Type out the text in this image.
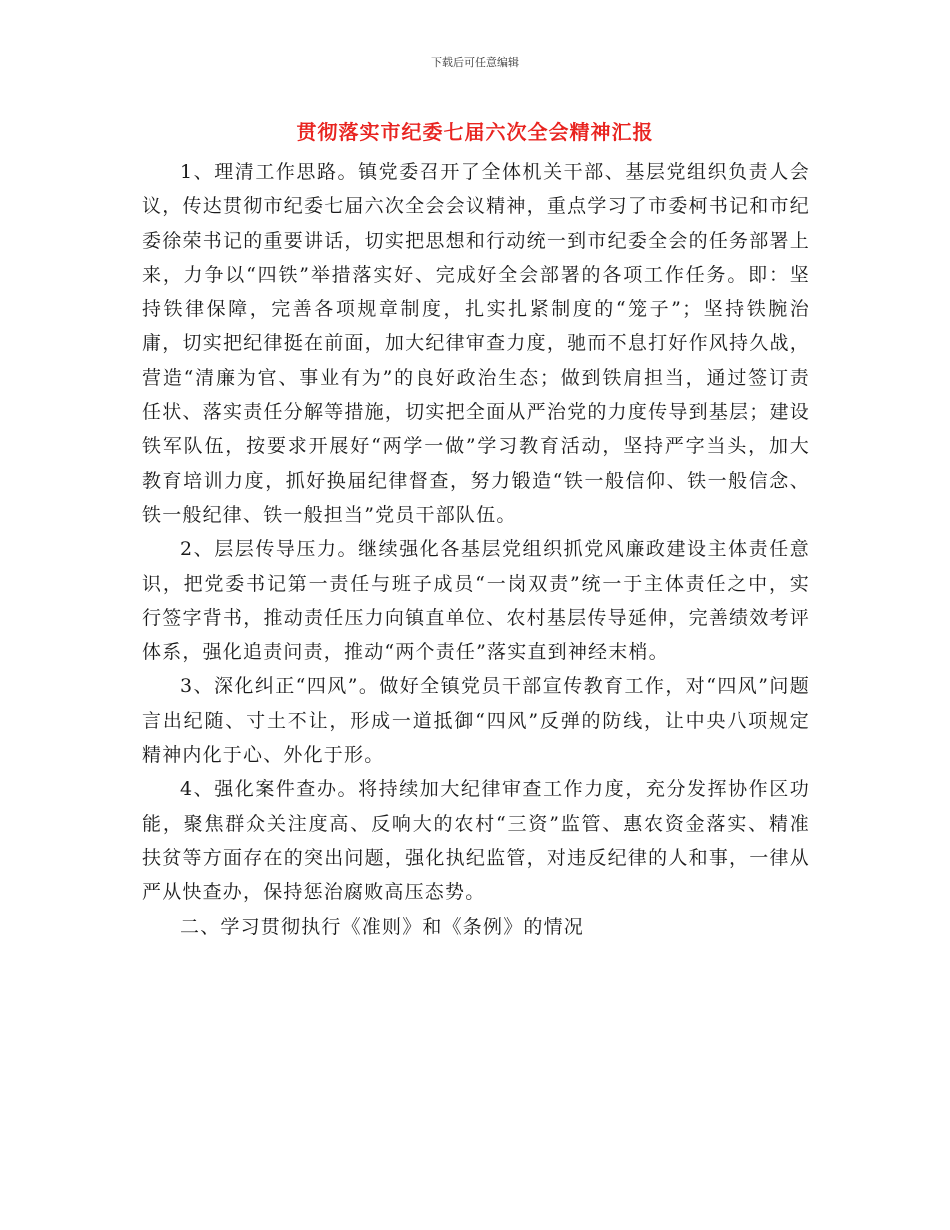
下载后可任意编辑
贯彻落实市纪委七届六次全会精神汇报

1、理清工作思路。镇党委召开了全体机关干部、基层党组织负责人会议，传达贯彻市纪委七届六次全会会议精神，重点学习了市委柯书记和市纪委徐荣书记的重要讲话，切实把思想和行动统一到市纪委全会的任务部署上来，力争以“四铁”举措落实好、完成好全会部署的各项工作任务。即：坚持铁律保障，完善各项规章制度，扎实扎紧制度的“笼子”；坚持铁腕治庸，切实把纪律挺在前面，加大纪律审查力度，驰而不息打好作风持久战，营造“清廉为官、事业有为”的良好政治生态；做到铁肩担当，通过签订责任状、落实责任分解等措施，切实把全面从严治党的力度传导到基层；建设铁军队伍，按要求开展好“两学一做”学习教育活动，坚持严字当头，加大教育培训力度，抓好换届纪律督查，努力锻造“铁一般信仰、铁一般信念、铁一般纪律、铁一般担当”党员干部队伍。

2、层层传导压力。继续强化各基层党组织抓党风廉政建设主体责任意识，把党委书记第一责任与班子成员“一岗双责”统一于主体责任之中，实行签字背书，推动责任压力向镇直单位、农村基层传导延伸，完善绩效考评体系，强化追责问责，推动“两个责任”落实直到神经末梢。

3、深化纠正“四风”。做好全镇党员干部宣传教育工作，对“四风”问题言出纪随、寸土不让，形成一道抵御“四风”反弹的防线，让中央八项规定精神内化于心、外化于形。

4、强化案件查办。将持续加大纪律审查工作力度，充分发挥协作区功能，聚焦群众关注度高、反响大的农村“三资”监管、惠农资金落实、精准扶贫等方面存在的突出问题，强化执纪监管，对违反纪律的人和事，一律从严从快查办，保持惩治腐败高压态势。

二、学习贯彻执行《准则》和《条例》的情况
